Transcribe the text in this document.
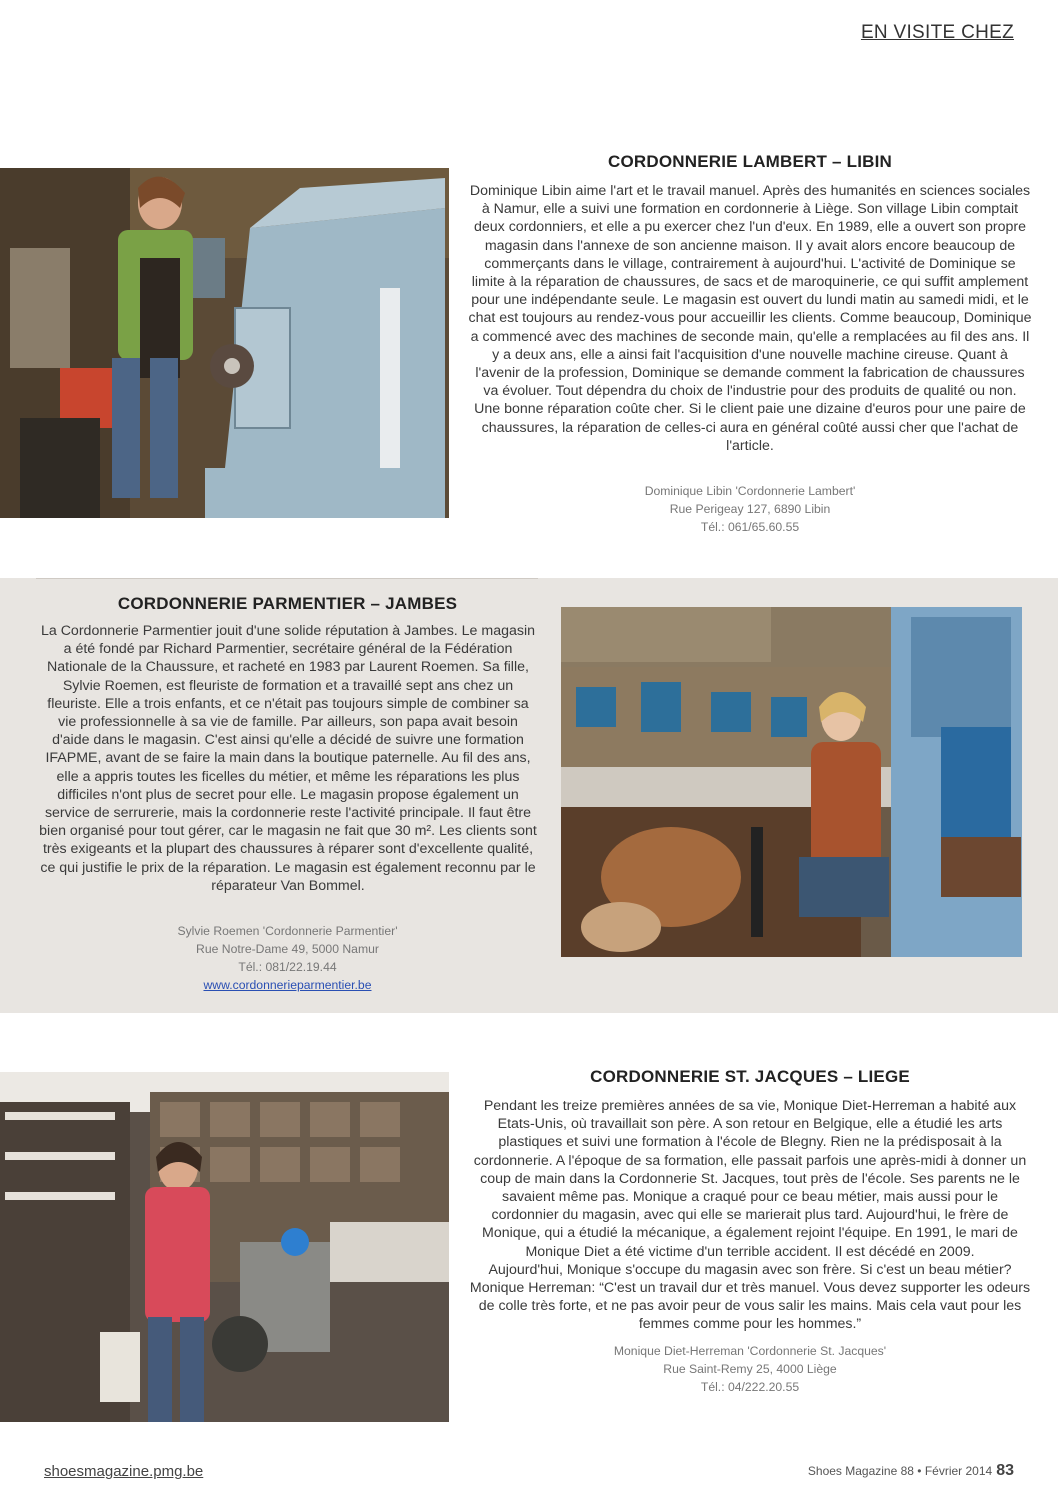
EN VISITE CHEZ
CORDONNERIE LAMBERT – LIBIN

Dominique Libin aime l'art et le travail manuel. Après des humanités en sciences sociales à Namur, elle a suivi une formation en cordonnerie à Liège. Son village Libin comptait deux cordonniers, et elle a pu exercer chez l'un d'eux. En 1989, elle a ouvert son propre magasin dans l'annexe de son ancienne maison. Il y avait alors encore beaucoup de commerçants dans le village, contrairement à aujourd'hui. L'activité de Dominique se limite à la réparation de chaussures, de sacs et de maroquinerie, ce qui suffit amplement pour une indépendante seule. Le magasin est ouvert du lundi matin au samedi midi, et le chat est toujours au rendez-vous pour accueillir les clients. Comme beaucoup, Dominique a commencé avec des machines de seconde main, qu'elle a remplacées au fil des ans. Il y a deux ans, elle a ainsi fait l'acquisition d'une nouvelle machine cireuse. Quant à l'avenir de la profession, Dominique se demande comment la fabrication de chaussures va évoluer. Tout dépendra du choix de l'industrie pour des produits de qualité ou non.

Une bonne réparation coûte cher. Si le client paie une dizaine d'euros pour une paire de chaussures, la réparation de celles-ci aura en général coûté aussi cher que l'achat de l'article.

Dominique Libin 'Cordonnerie Lambert'
Rue Perigeay 127, 6890 Libin
Tél.: 061/65.60.55
CORDONNERIE PARMENTIER – JAMBES

La Cordonnerie Parmentier jouit d'une solide réputation à Jambes. Le magasin a été fondé par Richard Parmentier, secrétaire général de la Fédération Nationale de la Chaussure, et racheté en 1983 par Laurent Roemen. Sa fille, Sylvie Roemen, est fleuriste de formation et a travaillé sept ans chez un fleuriste. Elle a trois enfants, et ce n'était pas toujours simple de combiner sa vie professionnelle à sa vie de famille. Par ailleurs, son papa avait besoin d'aide dans le magasin. C'est ainsi qu'elle a décidé de suivre une formation IFAPME, avant de se faire la main dans la boutique paternelle. Au fil des ans, elle a appris toutes les ficelles du métier, et même les réparations les plus difficiles n'ont plus de secret pour elle. Le magasin propose également un service de serrurerie, mais la cordonnerie reste l'activité principale. Il faut être bien organisé pour tout gérer, car le magasin ne fait que 30 m². Les clients sont très exigeants et la plupart des chaussures à réparer sont d'excellente qualité, ce qui justifie le prix de la réparation. Le magasin est également reconnu par le réparateur Van Bommel.

Sylvie Roemen 'Cordonnerie Parmentier'
Rue Notre-Dame 49, 5000 Namur
Tél.: 081/22.19.44
www.cordonnerieparmentier.be
CORDONNERIE ST. JACQUES – LIEGE

Pendant les treize premières années de sa vie, Monique Diet-Herreman a habité aux Etats-Unis, où travaillait son père. A son retour en Belgique, elle a étudié les arts plastiques et suivi une formation à l'école de Blegny. Rien ne la prédisposait à la cordonnerie. A l'époque de sa formation, elle passait parfois une après-midi à donner un coup de main dans la Cordonnerie St. Jacques, tout près de l'école. Ses parents ne le savaient même pas. Monique a craqué pour ce beau métier, mais aussi pour le cordonnier du magasin, avec qui elle se marierait plus tard. Aujourd'hui, le frère de Monique, qui a étudié la mécanique, a également rejoint l'équipe. En 1991, le mari de Monique Diet a été victime d'un terrible accident. Il est décédé en 2009.

Aujourd'hui, Monique s'occupe du magasin avec son frère. Si c'est un beau métier? Monique Herreman: “C'est un travail dur et très manuel. Vous devez supporter les odeurs de colle très forte, et ne pas avoir peur de vous salir les mains. Mais cela vaut pour les femmes comme pour les hommes.”

Monique Diet-Herreman 'Cordonnerie St. Jacques'
Rue Saint-Remy 25, 4000 Liège
Tél.: 04/222.20.55
shoesmagazine.pmg.be	Shoes Magazine 88 • Février 2014 83
